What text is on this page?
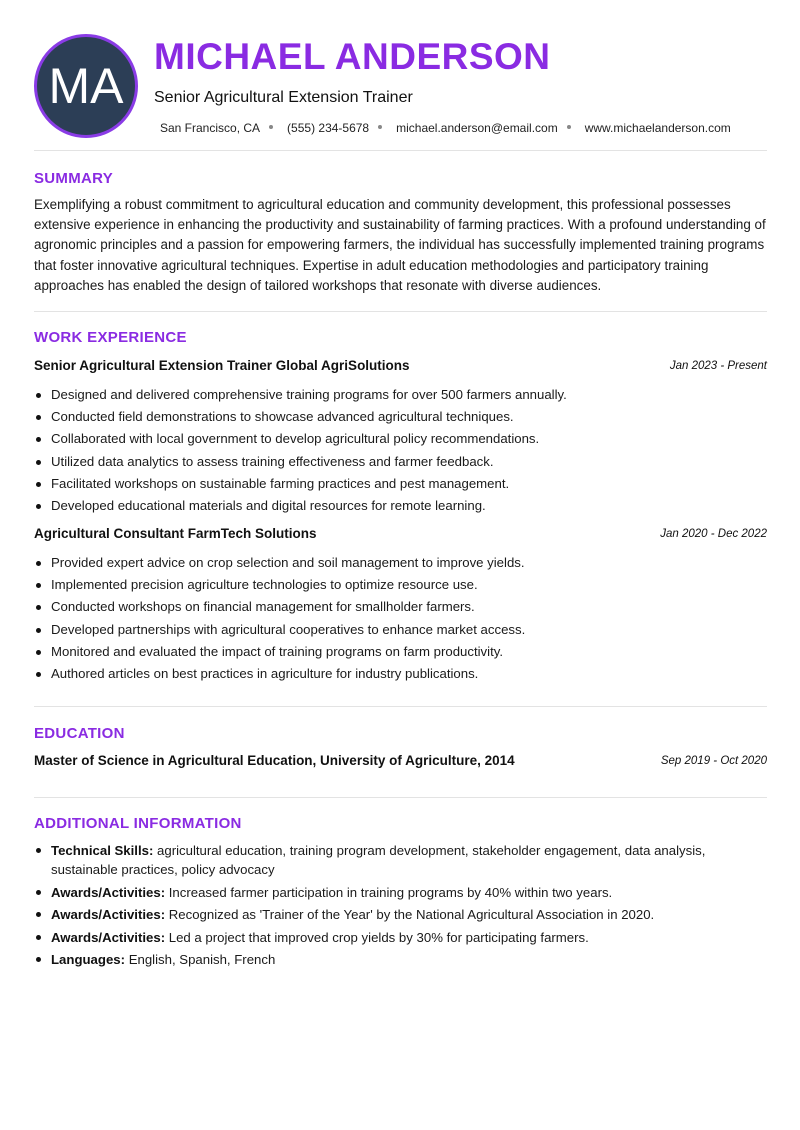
MA
MICHAEL ANDERSON
Senior Agricultural Extension Trainer
San Francisco, CA (555) 234-5678 michael.anderson@email.com www.michaelanderson.com
SUMMARY
Exemplifying a robust commitment to agricultural education and community development, this professional possesses extensive experience in enhancing the productivity and sustainability of farming practices. With a profound understanding of agronomic principles and a passion for empowering farmers, the individual has successfully implemented training programs that foster innovative agricultural techniques. Expertise in adult education methodologies and participatory training approaches has enabled the design of tailored workshops that resonate with diverse audiences.
WORK EXPERIENCE
Senior Agricultural Extension Trainer Global AgriSolutions	Jan 2023 - Present
Designed and delivered comprehensive training programs for over 500 farmers annually.
Conducted field demonstrations to showcase advanced agricultural techniques.
Collaborated with local government to develop agricultural policy recommendations.
Utilized data analytics to assess training effectiveness and farmer feedback.
Facilitated workshops on sustainable farming practices and pest management.
Developed educational materials and digital resources for remote learning.
Agricultural Consultant FarmTech Solutions	Jan 2020 - Dec 2022
Provided expert advice on crop selection and soil management to improve yields.
Implemented precision agriculture technologies to optimize resource use.
Conducted workshops on financial management for smallholder farmers.
Developed partnerships with agricultural cooperatives to enhance market access.
Monitored and evaluated the impact of training programs on farm productivity.
Authored articles on best practices in agriculture for industry publications.
EDUCATION
Master of Science in Agricultural Education, University of Agriculture, 2014	Sep 2019 - Oct 2020
ADDITIONAL INFORMATION
Technical Skills: agricultural education, training program development, stakeholder engagement, data analysis, sustainable practices, policy advocacy
Awards/Activities: Increased farmer participation in training programs by 40% within two years.
Awards/Activities: Recognized as 'Trainer of the Year' by the National Agricultural Association in 2020.
Awards/Activities: Led a project that improved crop yields by 30% for participating farmers.
Languages: English, Spanish, French
